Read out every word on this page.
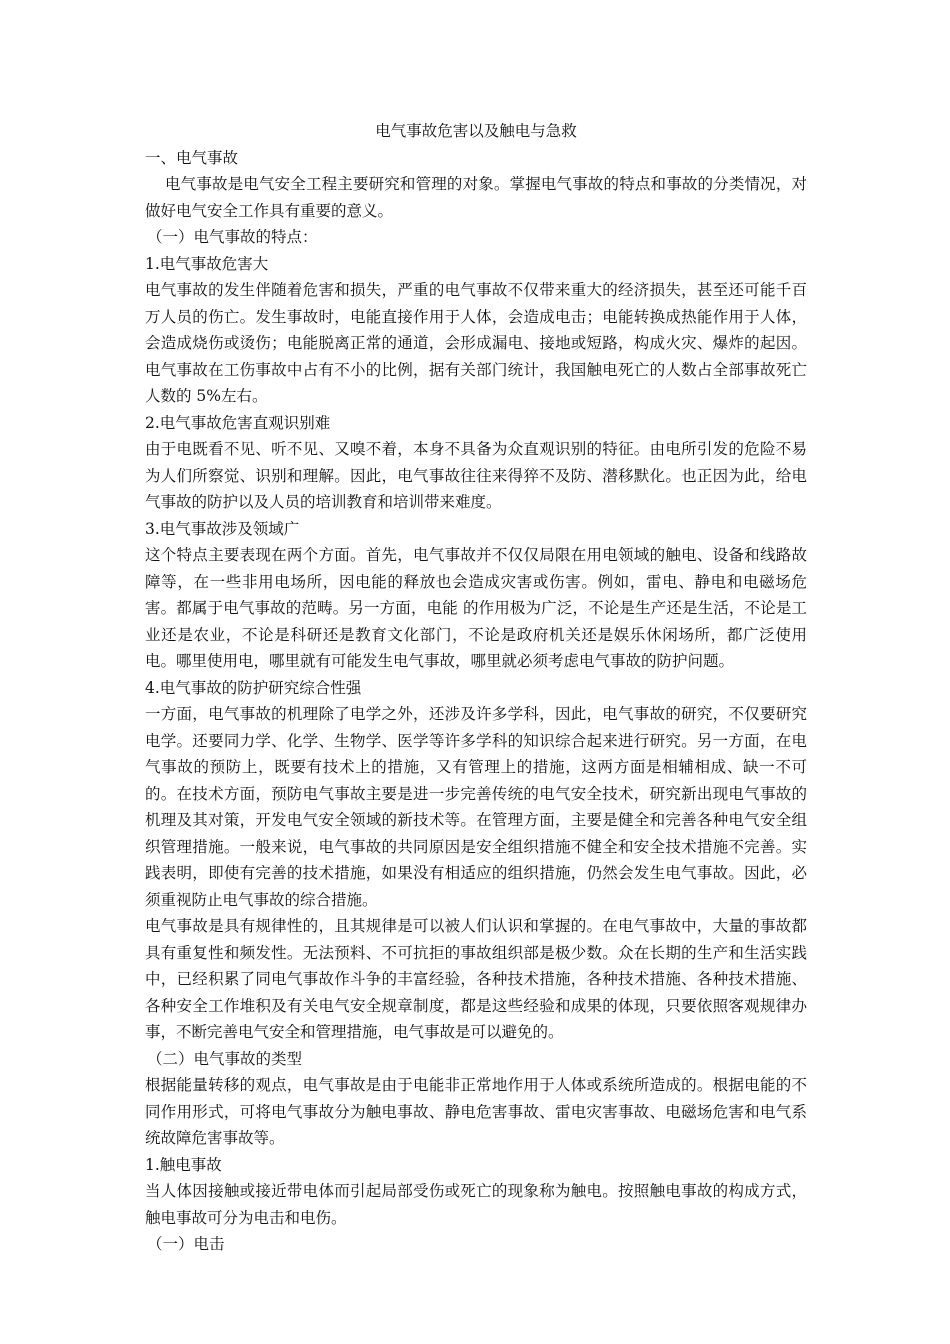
电气事故危害以及触电与急救

一、电气事故

电气事故是电气安全工程主要研究和管理的对象。掌握电气事故的特点和事故的分类情况，对做好电气安全工作具有重要的意义。

（一）电气事故的特点：

1.电气事故危害大

电气事故的发生伴随着危害和损失，严重的电气事故不仅带来重大的经济损失，甚至还可能千百万人员的伤亡。发生事故时，电能直接作用于人体，会造成电击；电能转换成热能作用于人体，会造成烧伤或烫伤；电能脱离正常的通道，会形成漏电、接地或短路，构成火灾、爆炸的起因。电气事故在工伤事故中占有不小的比例，据有关部门统计，我国触电死亡的人数占全部事故死亡人数的 5%左右。

2.电气事故危害直观识别难

由于电既看不见、听不见、又嗅不着，本身不具备为众直观识别的特征。由电所引发的危险不易为人们所察觉、识别和理解。因此，电气事故往往来得猝不及防、潜移默化。也正因为此，给电气事故的防护以及人员的培训教育和培训带来难度。

3.电气事故涉及领域广

这个特点主要表现在两个方面。首先，电气事故并不仅仅局限在用电领域的触电、设备和线路故障等，在一些非用电场所，因电能的释放也会造成灾害或伤害。例如，雷电、静电和电磁场危害。都属于电气事故的范畴。另一方面，电能 的作用极为广泛，不论是生产还是生活，不论是工业还是农业，不论是科研还是教育文化部门，不论是政府机关还是娱乐休闲场所，都广泛使用电。哪里使用电，哪里就有可能发生电气事故，哪里就必须考虑电气事故的防护问题。

4.电气事故的防护研究综合性强

一方面，电气事故的机理除了电学之外，还涉及许多学科，因此，电气事故的研究，不仅要研究电学。还要同力学、化学、生物学、医学等许多学科的知识综合起来进行研究。另一方面，在电气事故的预防上，既要有技术上的措施，又有管理上的措施，这两方面是相辅相成、缺一不可的。在技术方面，预防电气事故主要是进一步完善传统的电气安全技术，研究新出现电气事故的机理及其对策，开发电气安全领域的新技术等。在管理方面，主要是健全和完善各种电气安全组织管理措施。一般来说，电气事故的共同原因是安全组织措施不健全和安全技术措施不完善。实践表明，即使有完善的技术措施，如果没有相适应的组织措施，仍然会发生电气事故。因此，必须重视防止电气事故的综合措施。

电气事故是具有规律性的，且其规律是可以被人们认识和掌握的。在电气事故中，大量的事故都具有重复性和频发性。无法预料、不可抗拒的事故组织部是极少数。众在长期的生产和生活实践中，已经积累了同电气事故作斗争的丰富经验，各种技术措施，各种技术措施、各种技术措施、各种安全工作堆积及有关电气安全规章制度，都是这些经验和成果的体现，只要依照客观规律办事，不断完善电气安全和管理措施，电气事故是可以避免的。

（二）电气事故的类型

根据能量转移的观点，电气事故是由于电能非正常地作用于人体或系统所造成的。根据电能的不同作用形式，可将电气事故分为触电事故、静电危害事故、雷电灾害事故、电磁场危害和电气系统故障危害事故等。

1.触电事故

当人体因接触或接近带电体而引起局部受伤或死亡的现象称为触电。按照触电事故的构成方式，触电事故可分为电击和电伤。

（一）电击
